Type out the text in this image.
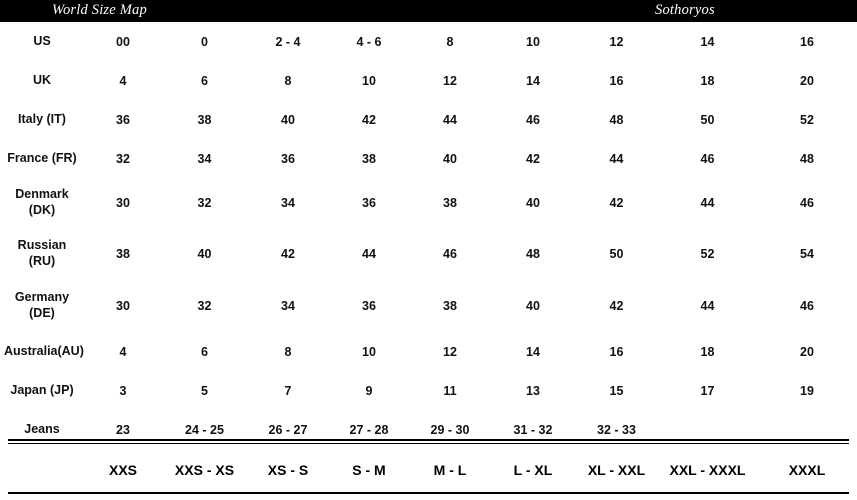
World Size Map	Sothoryos
US	00	0	2 - 4	4 - 6	8	10	12	14	16
UK	4	6	8	10	12	14	16	18	20
Italy (IT)	36	38	40	42	44	46	48	50	52
France (FR)	32	34	36	38	40	42	44	46	48
Denmark
(DK)	30	32	34	36	38	40	42	44	46
Russian (RU)	38	40	42	44	46	48	50	52	54
Germany
(DE)	30	32	34	36	38	40	42	44	46
Australia(AU)	4	6	8	10	12	14	16	18	20
Japan (JP)	3	5	7	9	11	13	15	17	19
Jeans	23	24 - 25	26 - 27	27 - 28	29 - 30	31 - 32	32 - 33		
	XXS	XXS - XS	XS - S	S - M	M - L	L - XL	XL - XXL	XXL - XXXL	XXXL
